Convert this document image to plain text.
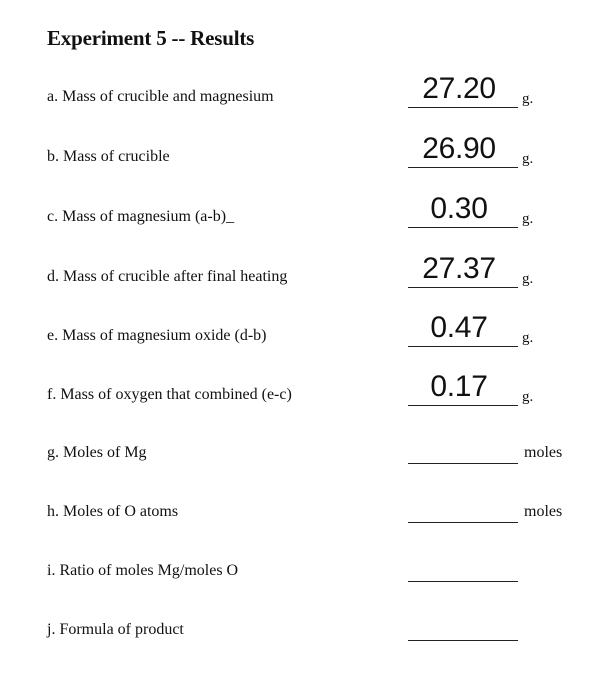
Experiment 5 -- Results
a. Mass of crucible and magnesium	27.20	g.
b. Mass of crucible	26.90	g.
c. Mass of magnesium (a-b)_	0.30	g.
d. Mass of crucible after final heating	27.37	g.
e. Mass of magnesium oxide (d-b)	0.47	g.
f. Mass of oxygen that combined (e-c)	0.17	g.
g. Moles of Mg	moles
h. Moles of O atoms	moles
i. Ratio of moles Mg/moles O
j. Formula of product
